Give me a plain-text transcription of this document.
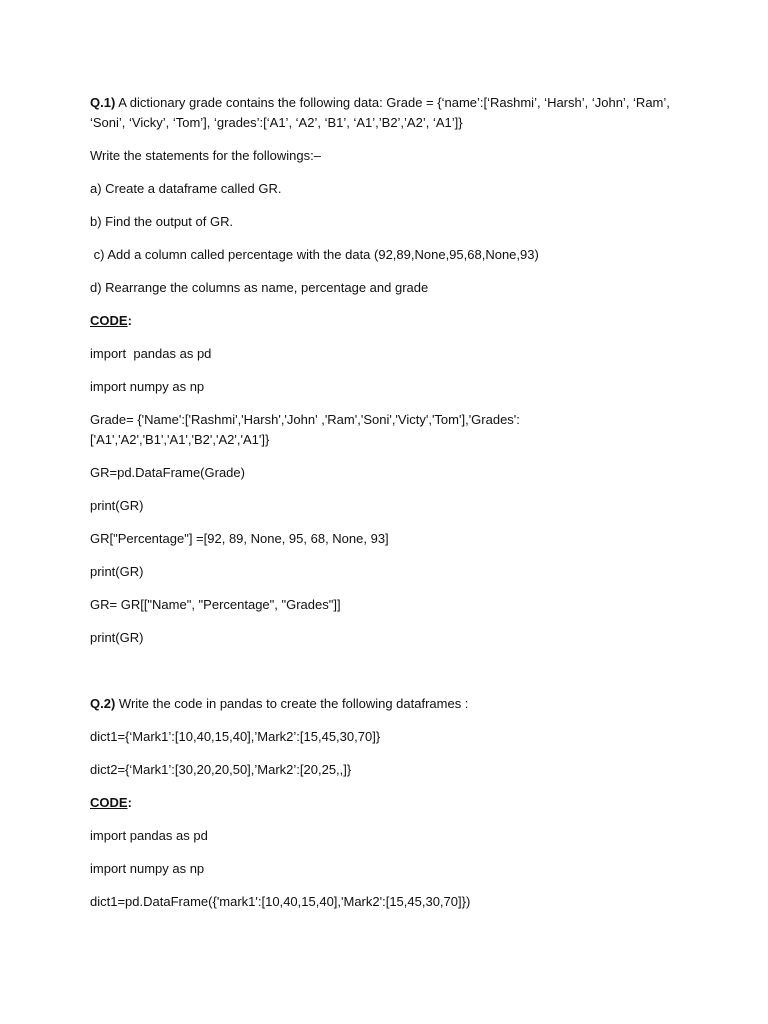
Q.1) A dictionary grade contains the following data: Grade = {‘name’:[‘Rashmi’, ‘Harsh’, ‘John’, ‘Ram’, ‘Soni’, ‘Vicky’, ‘Tom’], ‘grades’:[‘A1’, ‘A2’, ‘B1’, ‘A1’,’B2’,’A2’, ‘A1’]}

Write the statements for the followings:–

a) Create a dataframe called GR.

b) Find the output of GR.

c) Add a column called percentage with the data (92,89,None,95,68,None,93)

d) Rearrange the columns as name, percentage and grade

CODE:

import  pandas as pd

import numpy as np

Grade= {'Name':['Rashmi','Harsh','John' ,'Ram','Soni','Victy','Tom'],'Grades':
['A1','A2','B1','A1','B2','A2','A1']}

GR=pd.DataFrame(Grade)

print(GR)

GR["Percentage"] =[92, 89, None, 95, 68, None, 93]

print(GR)

GR= GR[["Name", "Percentage", "Grades"]]

print(GR)

Q.2) Write the code in pandas to create the following dataframes :

dict1={‘Mark1’:[10,40,15,40],’Mark2’:[15,45,30,70]}

dict2={‘Mark1’:[30,20,20,50],’Mark2’:[20,25,,]}

CODE:

import pandas as pd

import numpy as np

dict1=pd.DataFrame({'mark1':[10,40,15,40],'Mark2':[15,45,30,70]})
